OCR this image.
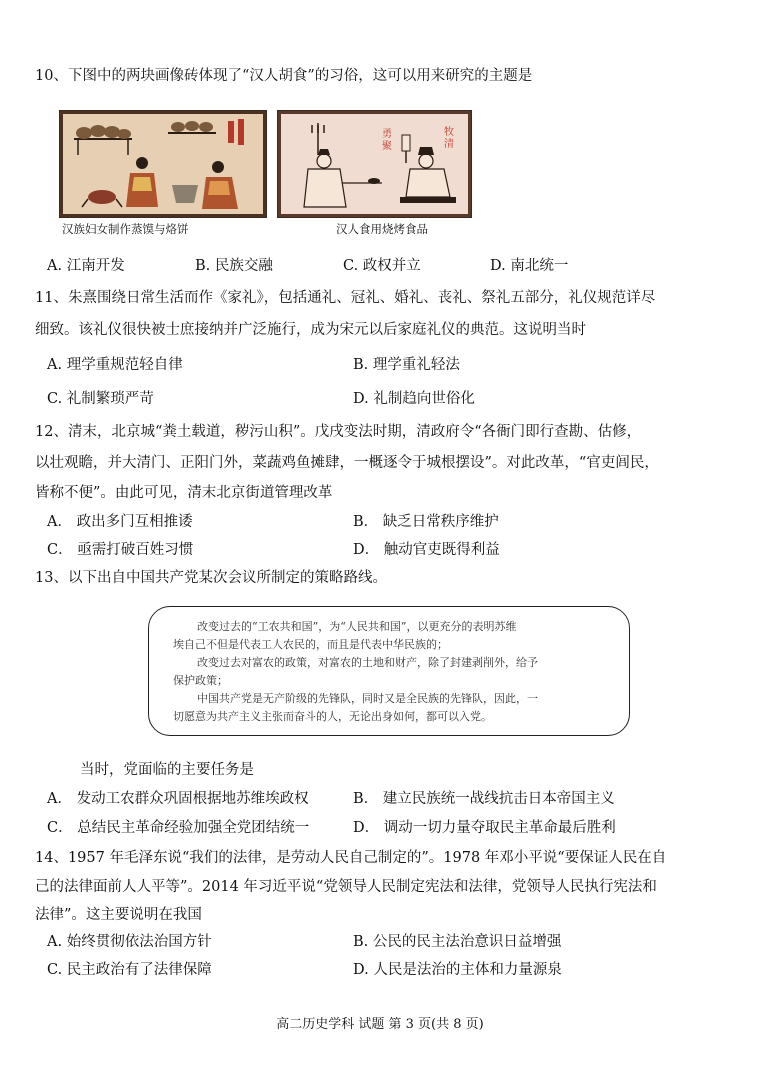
10、下图中的两块画像砖体现了“汉人胡食”的习俗，这可以用来研究的主题是
勇
聚
牧
清
汉族妇女制作蒸馍与烙饼	汉人食用烧烤食品
A. 江南开发	B. 民族交融	C. 政权并立	D. 南北统一
11、朱熹围绕日常生活而作《家礼》，包括通礼、冠礼、婚礼、丧礼、祭礼五部分，礼仪规范详尽
细致。该礼仪很快被士庶接纳并广泛施行，成为宋元以后家庭礼仪的典范。这说明当时
A. 理学重规范轻自律	B. 理学重礼轻法
C. 礼制繁琐严苛	D. 礼制趋向世俗化
12、清末，北京城“粪土载道，秽污山积”。戊戌变法时期，清政府令“各衙门即行查勘、估修，
以壮观瞻，并大清门、正阳门外，菜蔬鸡鱼摊肆，一概逐令于城根摆设”。对此改革，“官吏闾民，
皆称不便”。由此可见，清末北京街道管理改革
A． 政出多门互相推诿	B． 缺乏日常秩序维护
C． 亟需打破百姓习惯	D． 触动官吏既得利益
13、以下出自中国共产党某次会议所制定的策略路线。
改变过去的“工农共和国”，为“人民共和国”，以更充分的表明苏维
埃自己不但是代表工人农民的，而且是代表中华民族的；
改变过去对富农的政策，对富农的土地和财产，除了封建剥削外，给予
保护政策；
中国共产党是无产阶级的先锋队，同时又是全民族的先锋队，因此，一
切愿意为共产主义主张而奋斗的人，无论出身如何，都可以入党。
当时，党面临的主要任务是
A． 发动工农群众巩固根据地苏维埃政权	B． 建立民族统一战线抗击日本帝国主义
C． 总结民主革命经验加强全党团结统一	D． 调动一切力量夺取民主革命最后胜利
14、1957 年毛泽东说“我们的法律，是劳动人民自己制定的”。1978 年邓小平说“要保证人民在自
己的法律面前人人平等”。2014 年习近平说“党领导人民制定宪法和法律，党领导人民执行宪法和
法律”。这主要说明在我国
A. 始终贯彻依法治国方针	B. 公民的民主法治意识日益增强
C. 民主政治有了法律保障	D. 人民是法治的主体和力量源泉
高二历史学科 试题 第 3 页(共 8 页)
